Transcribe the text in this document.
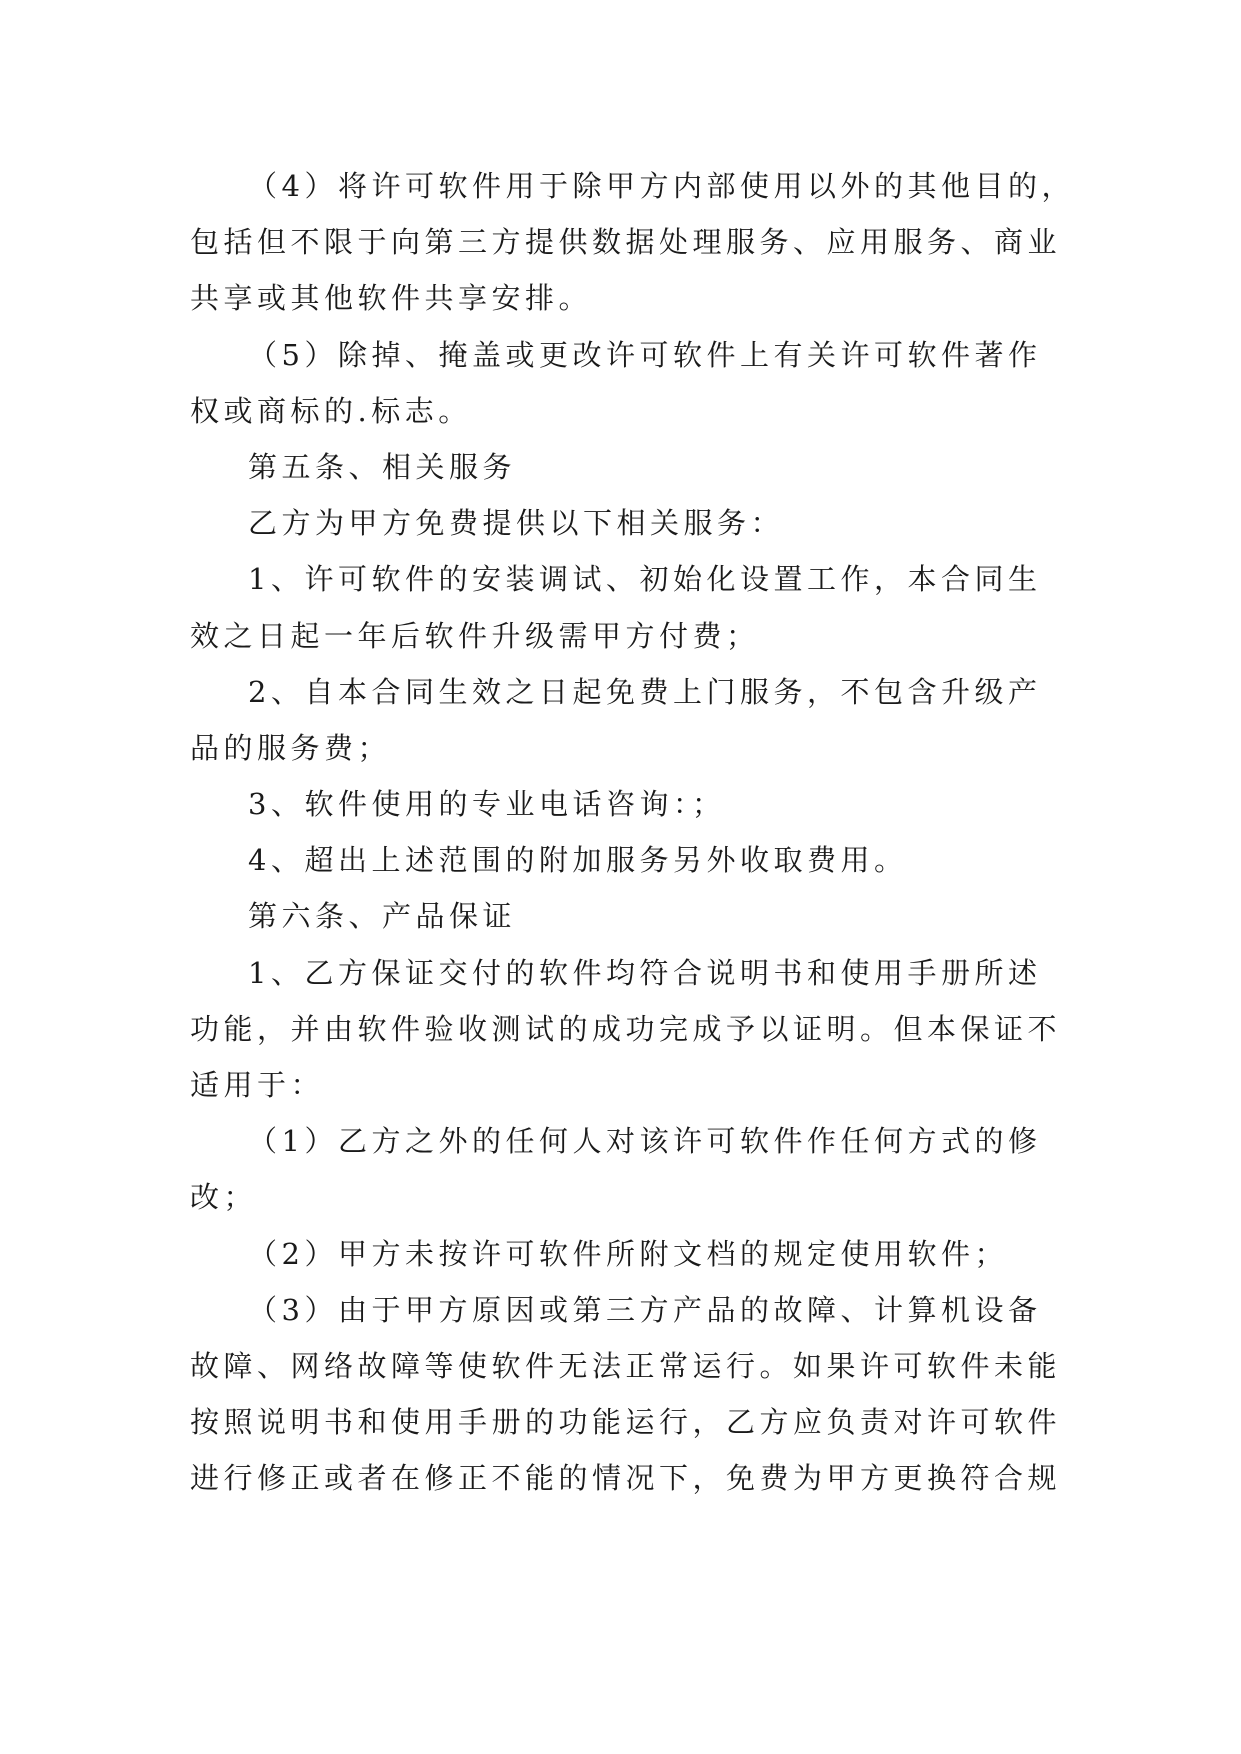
（4）将许可软件用于除甲方内部使用以外的其他目的，
包括但不限于向第三方提供数据处理服务、应用服务、商业
共享或其他软件共享安排。
（5）除掉、掩盖或更改许可软件上有关许可软件著作
权或商标的.标志。
第五条、相关服务
乙方为甲方免费提供以下相关服务：
1、许可软件的安装调试、初始化设置工作，本合同生
效之日起一年后软件升级需甲方付费；
2、自本合同生效之日起免费上门服务，不包含升级产
品的服务费；
3、软件使用的专业电话咨询：；
4、超出上述范围的附加服务另外收取费用。
第六条、产品保证
1、乙方保证交付的软件均符合说明书和使用手册所述
功能，并由软件验收测试的成功完成予以证明。但本保证不
适用于：
（1）乙方之外的任何人对该许可软件作任何方式的修
改；
（2）甲方未按许可软件所附文档的规定使用软件；
（3）由于甲方原因或第三方产品的故障、计算机设备
故障、网络故障等使软件无法正常运行。如果许可软件未能
按照说明书和使用手册的功能运行，乙方应负责对许可软件
进行修正或者在修正不能的情况下，免费为甲方更换符合规
